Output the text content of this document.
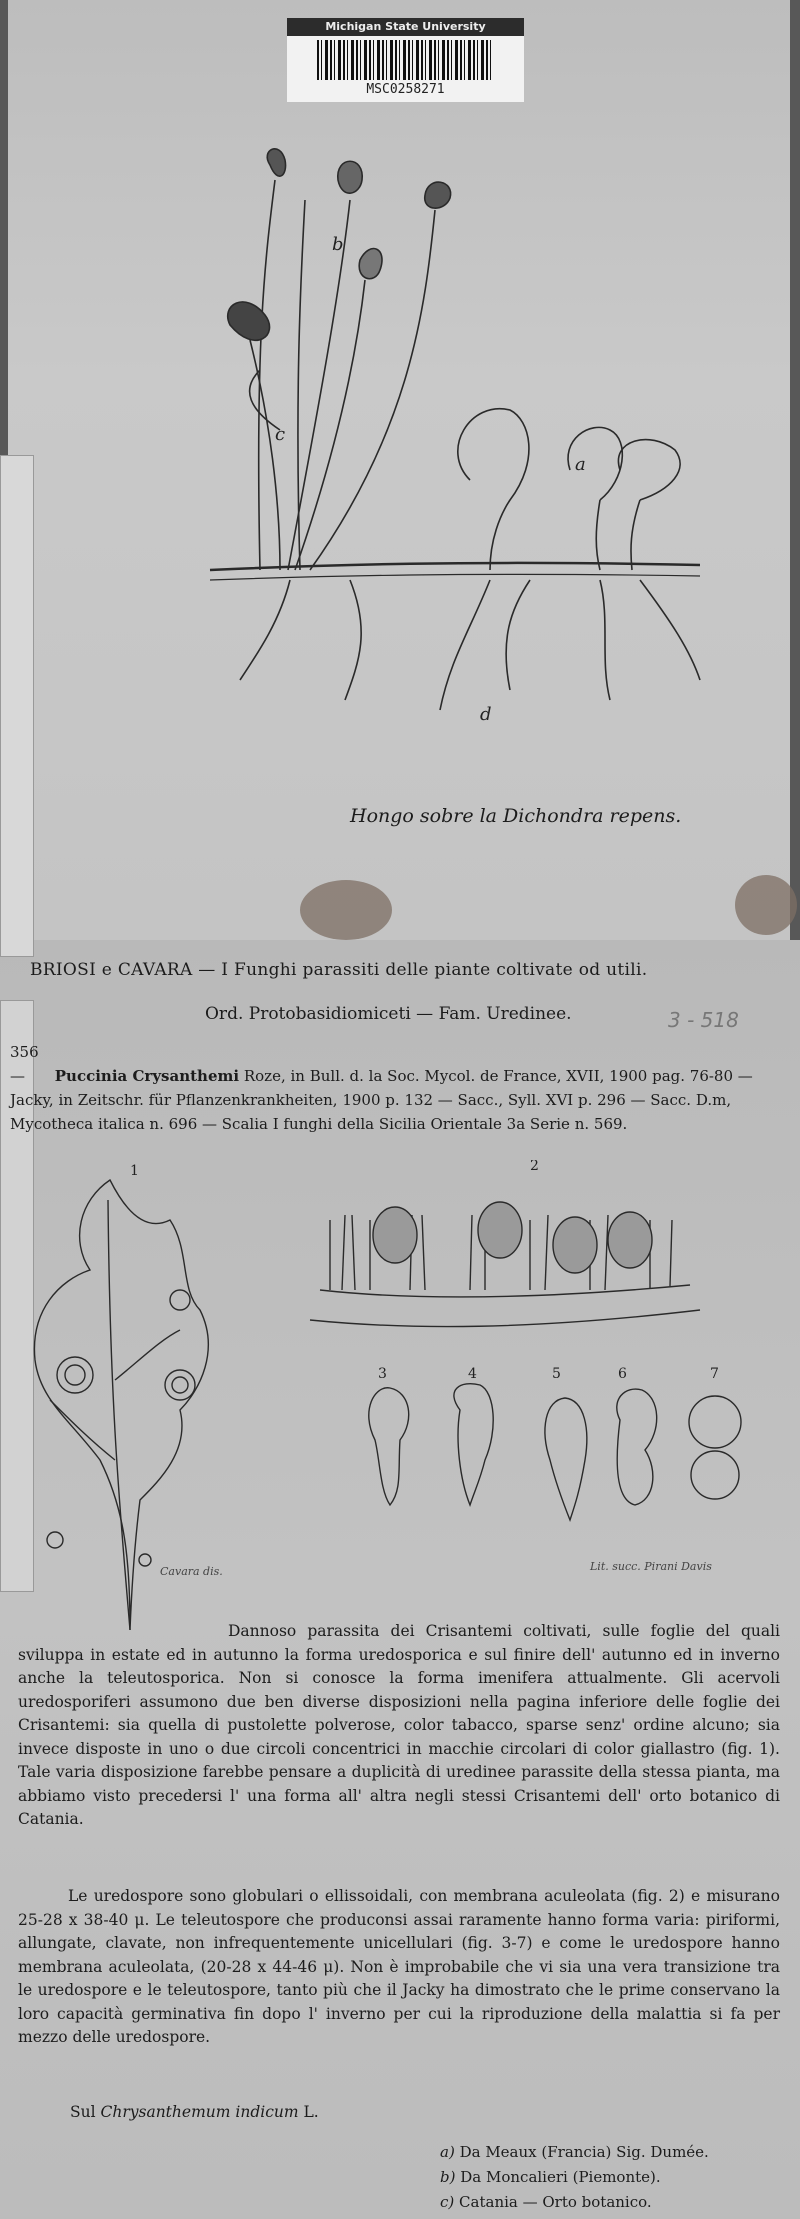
Michigan State University
MSC0258271
b
c
a
d
Hongo sobre la Dichondra repens.
BRIOSI e CAVARA — I Funghi parassiti delle piante coltivate od utili.
Ord. Protobasidiomiceti — Fam. Uredinee.	3 - 518
356 — Puccinia Crysanthemi Roze, in Bull. d. la Soc. Mycol. de France, XVII, 1900 pag. 76-80 — Jacky, in Zeitschr. für Pflanzenkrankheiten, 1900 p. 132 — Sacc., Syll. XVI p. 296 — Sacc. D.m, Mycotheca italica n. 696 — Scalia I funghi della Sicilia Orientale 3a Serie n. 569.
1	2
3	4	5	6	7
Cavara dis.	Lit. succ. Pirani Davis
Dannoso parassita dei Crisantemi coltivati, sulle foglie del quali sviluppa in estate ed in autunno la forma uredosporica e sul finire dell' autunno ed in inverno anche la teleutosporica. Non si conosce la forma imenifera attualmente. Gli acervoli uredosporiferi assumono due ben diverse disposizioni nella pagina inferiore delle foglie dei Crisantemi: sia quella di pustolette polverose, color tabacco, sparse senz' ordine alcuno; sia invece disposte in uno o due circoli concentrici in macchie circolari di color giallastro (fig. 1). Tale varia disposizione farebbe pensare a duplicità di uredinee parassite della stessa pianta, ma abbiamo visto precedersi l' una forma all' altra negli stessi Crisantemi dell' orto botanico di Catania.
Le uredospore sono globulari o ellissoidali, con membrana aculeolata (fig. 2) e misurano 25-28 x 38-40 μ. Le teleutospore che produconsi assai raramente hanno forma varia: piriformi, allungate, clavate, non infrequentemente unicellulari (fig. 3-7) e come le uredospore hanno membrana aculeolata, (20-28 x 44-46 μ). Non è improbabile che vi sia una vera transizione tra le uredospore e le teleutospore, tanto più che il Jacky ha dimostrato che le prime conservano la loro capacità germinativa fin dopo l' inverno per cui la riproduzione della malattia si fa per mezzo delle uredospore.
Sul Chrysanthemum indicum L.
a) Da Meaux (Francia) Sig. Dumée.
b) Da Moncalieri (Piemonte).
c) Catania — Orto botanico.
